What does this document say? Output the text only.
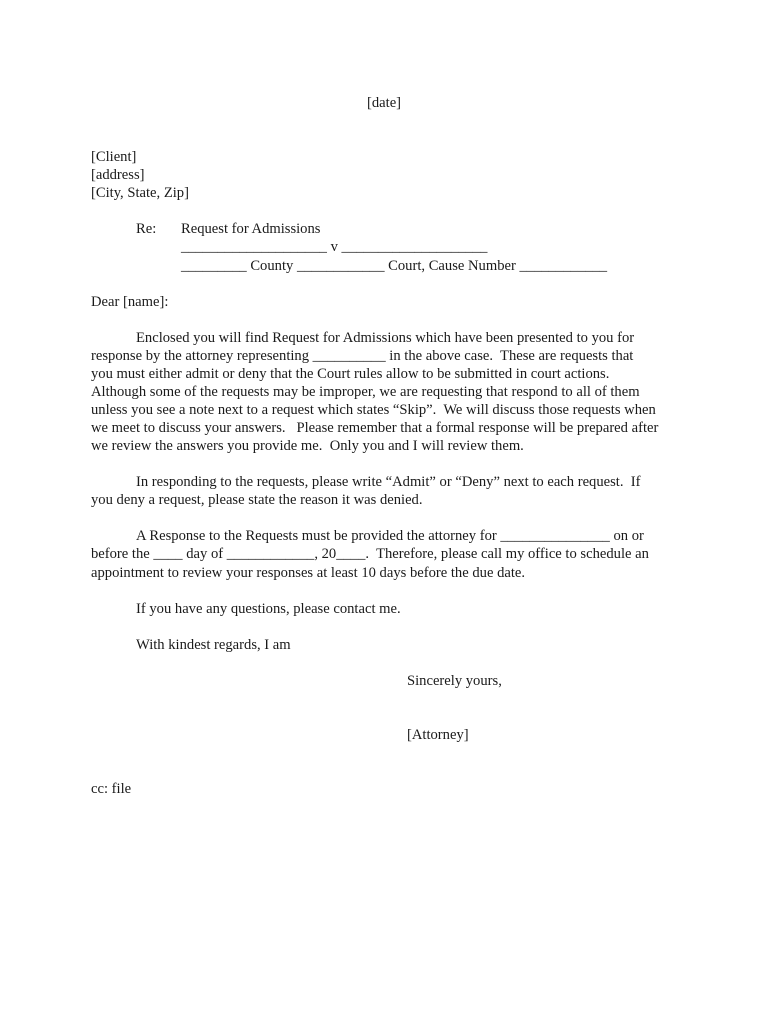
[date]
[Client]
[address]
[City, State, Zip]
Re: Request for Admissions
____________________ v ____________________
_________ County ____________ Court, Cause Number ____________
Dear [name]:
Enclosed you will find Request for Admissions which have been presented to you for
response by the attorney representing __________ in the above case.  These are requests that
you must either admit or deny that the Court rules allow to be submitted in court actions.
Although some of the requests may be improper, we are requesting that respond to all of them
unless you see a note next to a request which states “Skip”.  We will discuss those requests when
we meet to discuss your answers.   Please remember that a formal response will be prepared after
we review the answers you provide me.  Only you and I will review them.
In responding to the requests, please write “Admit” or “Deny” next to each request.  If
you deny a request, please state the reason it was denied.
A Response to the Requests must be provided the attorney for _______________ on or
before the ____ day of ____________, 20____.  Therefore, please call my office to schedule an
appointment to review your responses at least 10 days before the due date.
If you have any questions, please contact me.
With kindest regards, I am
Sincerely yours,
[Attorney]
cc: file
